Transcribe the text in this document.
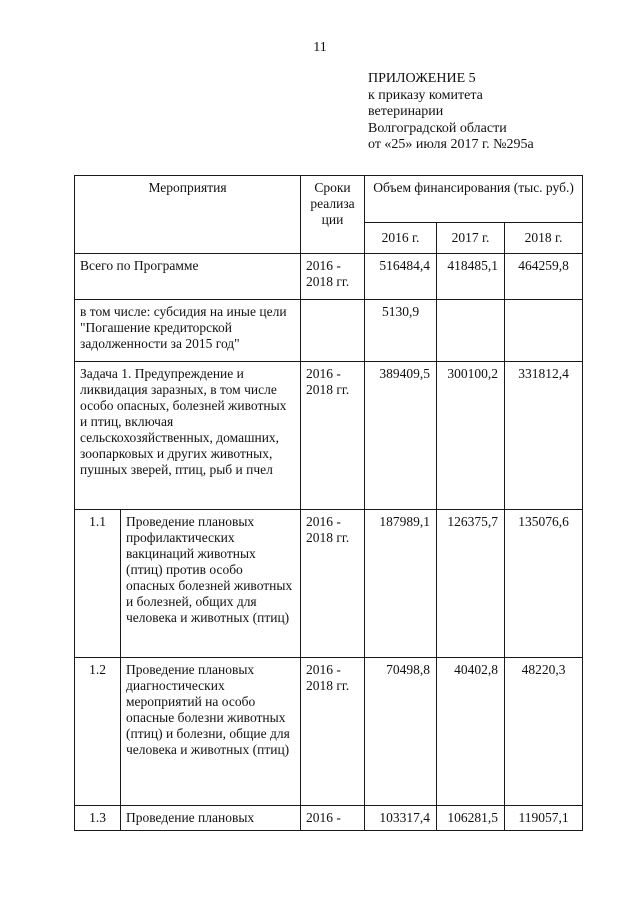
11
ПРИЛОЖЕНИЕ 5
к приказу комитета
ветеринарии
Волгоградской области
от «25» июля 2017 г. №295а
Мероприятия		Сроки реализа ции	Объем финансирования (тыс. руб.)		
			2016 г.	2017 г.	2018 г.
Всего по Программе		2016 - 2018 гг.	516484,4	418485,1	464259,8
в том числе: субсидия на иные цели "Погашение кредиторской задолженности за 2015 год"			5130,9		
Задача 1. Предупреждение и ликвидация заразных, в том числе особо опасных, болезней животных и птиц, включая сельскохозяйственных, домашних, зоопарковых и других животных, пушных зверей, птиц, рыб и пчел		2016 - 2018 гг.	389409,5	300100,2	331812,4
1.1	Проведение плановых профилактических вакцинаций животных (птиц) против особо опасных болезней животных и болезней, общих для человека и животных (птиц)	2016 - 2018 гг.	187989,1	126375,7	135076,6
1.2	Проведение плановых диагностических мероприятий на особо опасные болезни животных (птиц) и болезни, общие для человека и животных (птиц)	2016 - 2018 гг.	70498,8	40402,8	48220,3
1.3	Проведение плановых	2016 -	103317,4	106281,5	119057,1
